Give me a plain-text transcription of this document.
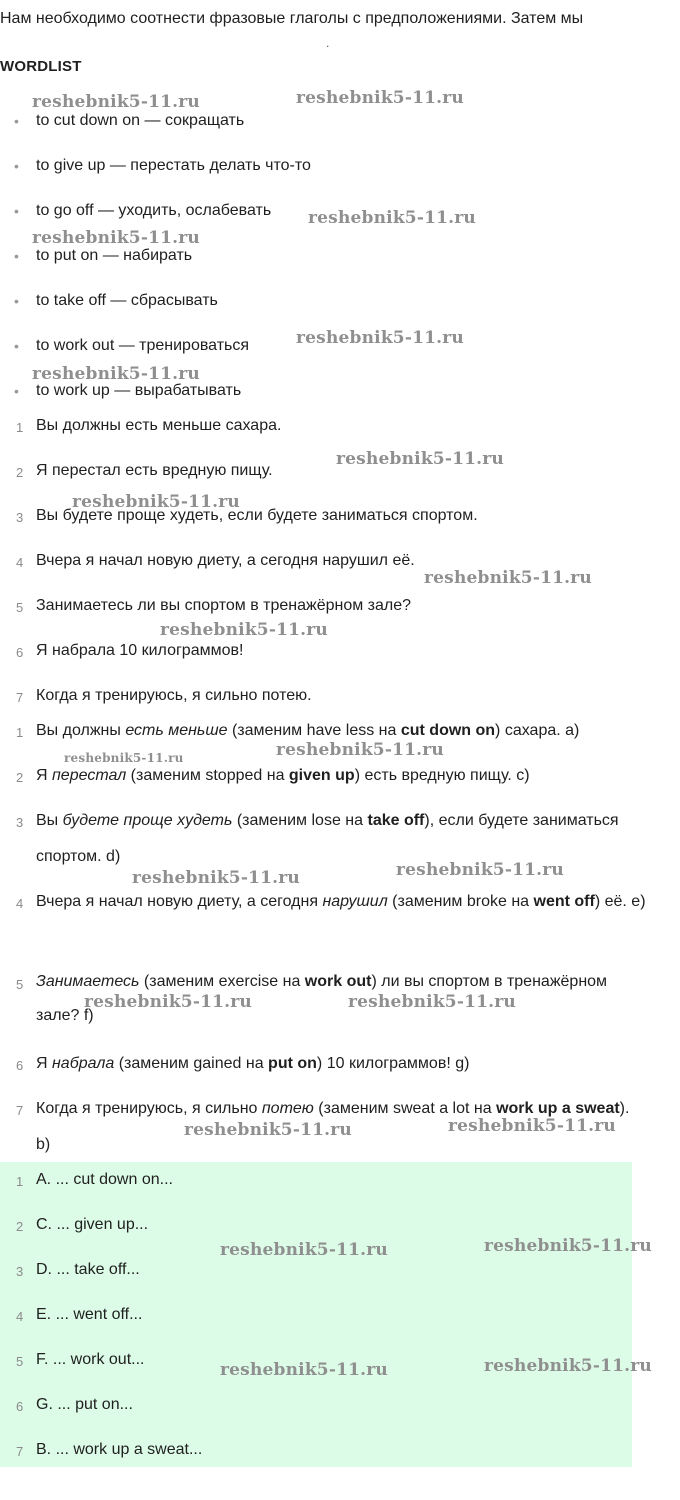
Нам необходимо соотнести фразовые глаголы с предположениями. Затем мы
.
WORDLIST
to cut down on — сокращать
to give up — перестать делать что-то
to go off — уходить, ослабевать
to put on — набирать
to take off — сбрасывать
to work out — тренироваться
to work up — вырабатывать
1 Вы должны есть меньше сахара.
2 Я перестал есть вредную пищу.
3 Вы будете проще худеть, если будете заниматься спортом.
4 Вчера я начал новую диету, а сегодня нарушил её.
5 Занимаетесь ли вы спортом в тренажёрном зале?
6 Я набрала 10 килограммов!
7 Когда я тренируюсь, я сильно потею.
1 Вы должны есть меньше (заменим have less на cut down on) сахара. a)
2 Я перестал (заменим stopped на given up) есть вредную пищу. c)
3 Вы будете проще худеть (заменим lose на take off), если будете заниматься спортом. d)
4 Вчера я начал новую диету, а сегодня нарушил (заменим broke на went off) её. e)
5 Занимаетесь (заменим exercise на work out) ли вы спортом в тренажёрном зале? f)
6 Я набрала (заменим gained на put on) 10 килограммов! g)
7 Когда я тренируюсь, я сильно потею (заменим sweat a lot на work up a sweat). b)
1 A. ... cut down on...
2 C. ... given up...
3 D. ... take off...
4 E. ... went off...
5 F. ... work out...
6 G. ... put on...
7 B. ... work up a sweat...
reshebnik5-11.ru	reshebnik5-11.ru
reshebnik5-11.ru
reshebnik5-11.ru
reshebnik5-11.ru
reshebnik5-11.ru
reshebnik5-11.ru
reshebnik5-11.ru
reshebnik5-11.ru
reshebnik5-11.ru
reshebnik5-11.ru	reshebnik5-11.ru
reshebnik5-11.ru
reshebnik5-11.ru
reshebnik5-11.ru	reshebnik5-11.ru
reshebnik5-11.ru	reshebnik5-11.ru
reshebnik5-11.ru	reshebnik5-11.ru
reshebnik5-11.ru	reshebnik5-11.ru
